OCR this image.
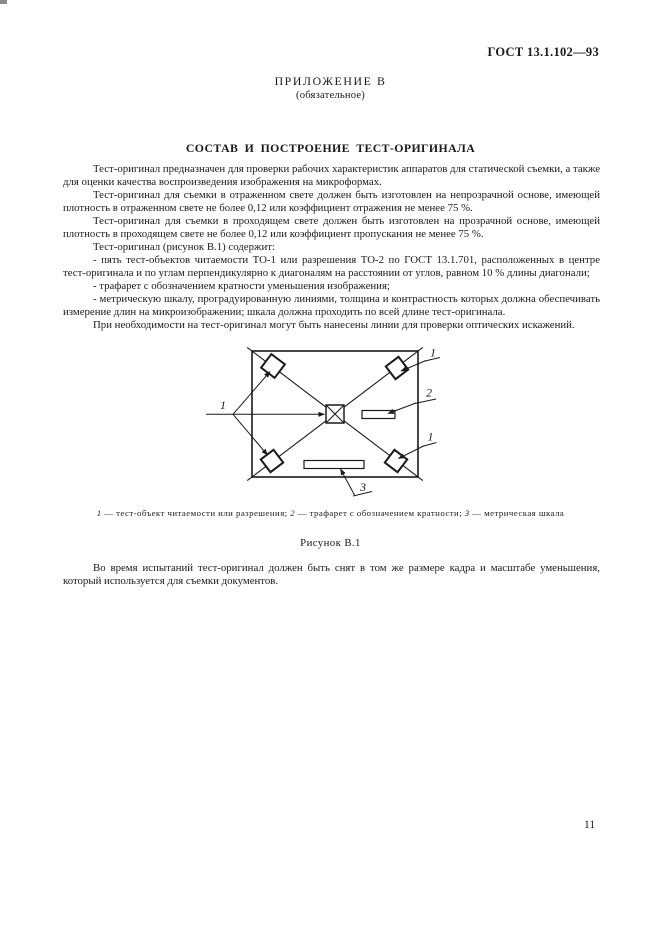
ГОСТ 13.1.102—93
ПРИЛОЖЕНИЕ В
(обязательное)
СОСТАВ И ПОСТРОЕНИЕ ТЕСТ-ОРИГИНАЛА

Тест-оригинал предназначен для проверки рабочих характеристик аппаратов для статической съемки, а также для оценки качества воспроизведения изображения на микроформах.

Тест-оригинал для съемки в отраженном свете должен быть изготовлен на непрозрачной основе, имеющей плотность в отраженном свете не более 0,12 или коэффициент отражения не менее 75 %.

Тест-оригинал для съемки в проходящем свете должен быть изготовлен на прозрачной основе, имеющей плотность в проходящем свете не более 0,12 или коэффициент пропускания не менее 75 %.

Тест-оригинал (рисунок В.1) содержит:

- пять тест-объектов читаемости ТО-1 или разрешения ТО-2 по ГОСТ 13.1.701, расположенных в центре тест-оригинала и по углам перпендикулярно к диагоналям на расстоянии от углов, равном 10 % длины диагонали;

- трафарет с обозначением кратности уменьшения изображения;

- метрическую шкалу, проградуированную линиями, толщина и контрастность которых должна обеспечивать измерение длин на микроизображении; шкала должна проходить по всей длине тест-оригинала.

При необходимости на тест-оригинал могут быть нанесены линии для проверки оптических искажений.

1
1
2
1
3
1 — тест-объект читаемости или разрешения; 2 — трафарет с обозначением кратности; 3 — метрическая шкала
Рисунок В.1

Во время испытаний тест-оригинал должен быть снят в том же размере кадра и масштабе уменьшения, который используется для съемки документов.

11
